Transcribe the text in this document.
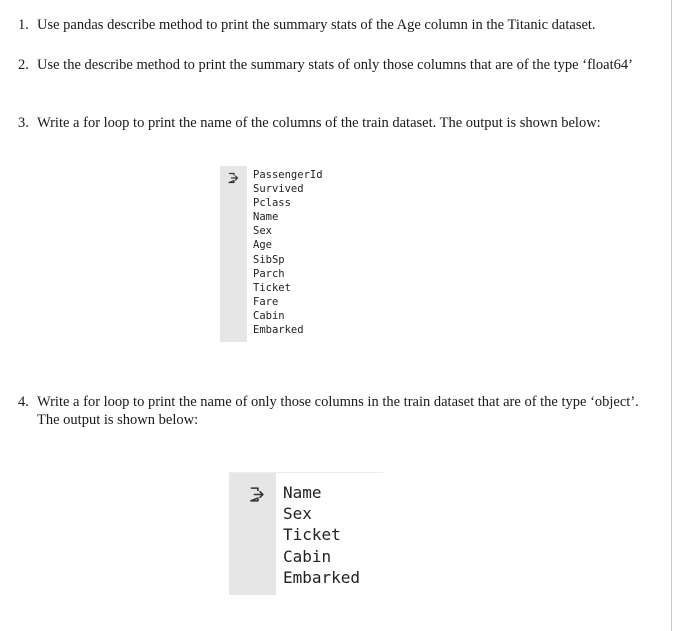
1. Use pandas describe method to print the summary stats of the Age column in the Titanic dataset.
2. Use the describe method to print the summary stats of only those columns that are of the type ‘float64’
3. Write a for loop to print the name of the columns of the train dataset. The output is shown below:
PassengerId
Survived
Pclass
Name
Sex
Age
SibSp
Parch
Ticket
Fare
Cabin
Embarked
4. Write a for loop to print the name of only those columns in the train dataset that are of the type ‘object’. The output is shown below:
Name
Sex
Ticket
Cabin
Embarked
